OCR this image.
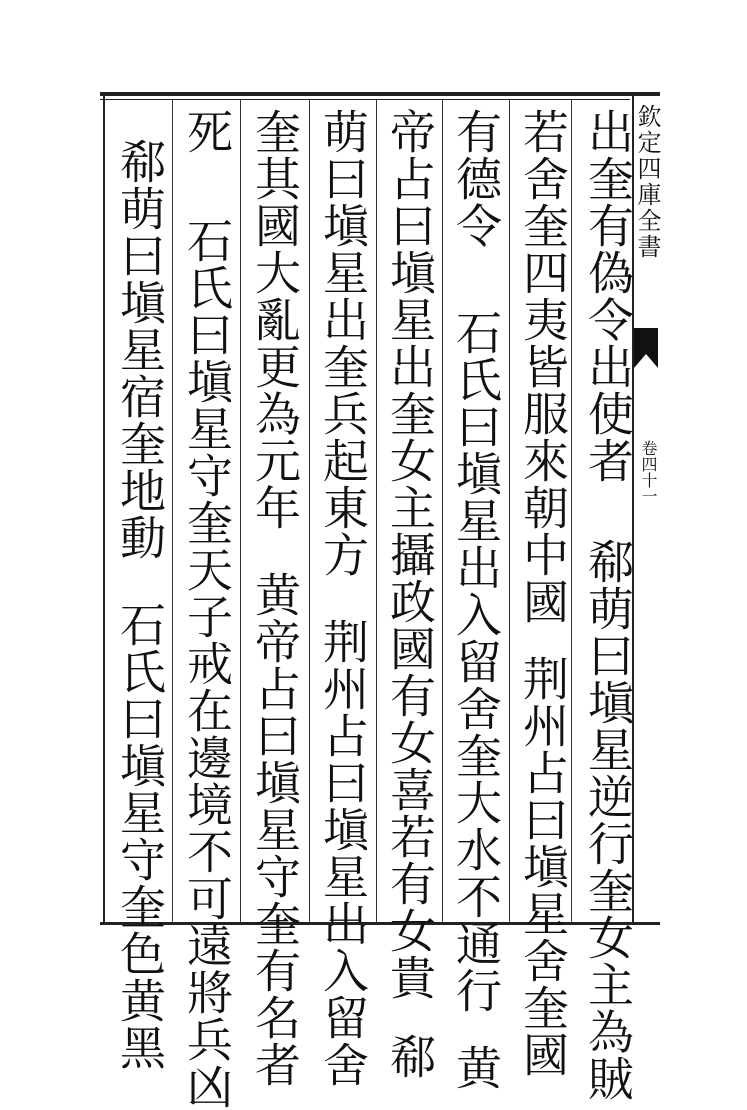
欽定四庫全書
卷四十一
出奎有偽令出使者郗萌曰塡星逆行奎女主為賊
若舍奎四夷皆服來朝中國荆州占曰塡星舍奎國
有德令石氏曰塡星出入留舍奎大水不通行黄
帝占曰塡星出奎女主攝政國有女喜若有女貴郗
萌曰塡星出奎兵起東方荆州占曰塡星出入留舍
奎其國大亂更為元年黄帝占曰塡星守奎有名者
死石氏曰塡星守奎天子戒在邊境不可遠將兵凶
郗萌曰塡星宿奎地動石氏曰塡星守奎色黄黑
